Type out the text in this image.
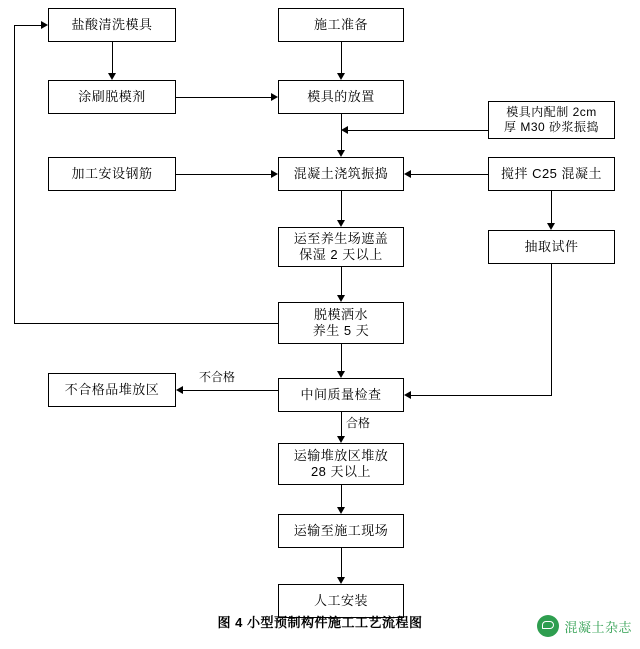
盐酸清洗模具
涂刷脱模剂
加工安设钢筋
施工准备
模具的放置
混凝土浇筑振捣
运至养生场遮盖
保湿 2 天以上
脱模洒水
养生 5 天
中间质量检查
不合格品堆放区
运输堆放区堆放
28 天以上
运输至施工现场
人工安装
模具内配制 2cm
厚 M30 砂浆振捣
搅拌 C25 混凝土
抽取试件
不合格
合格
图 4 小型预制构件施工工艺流程图	混凝土杂志
